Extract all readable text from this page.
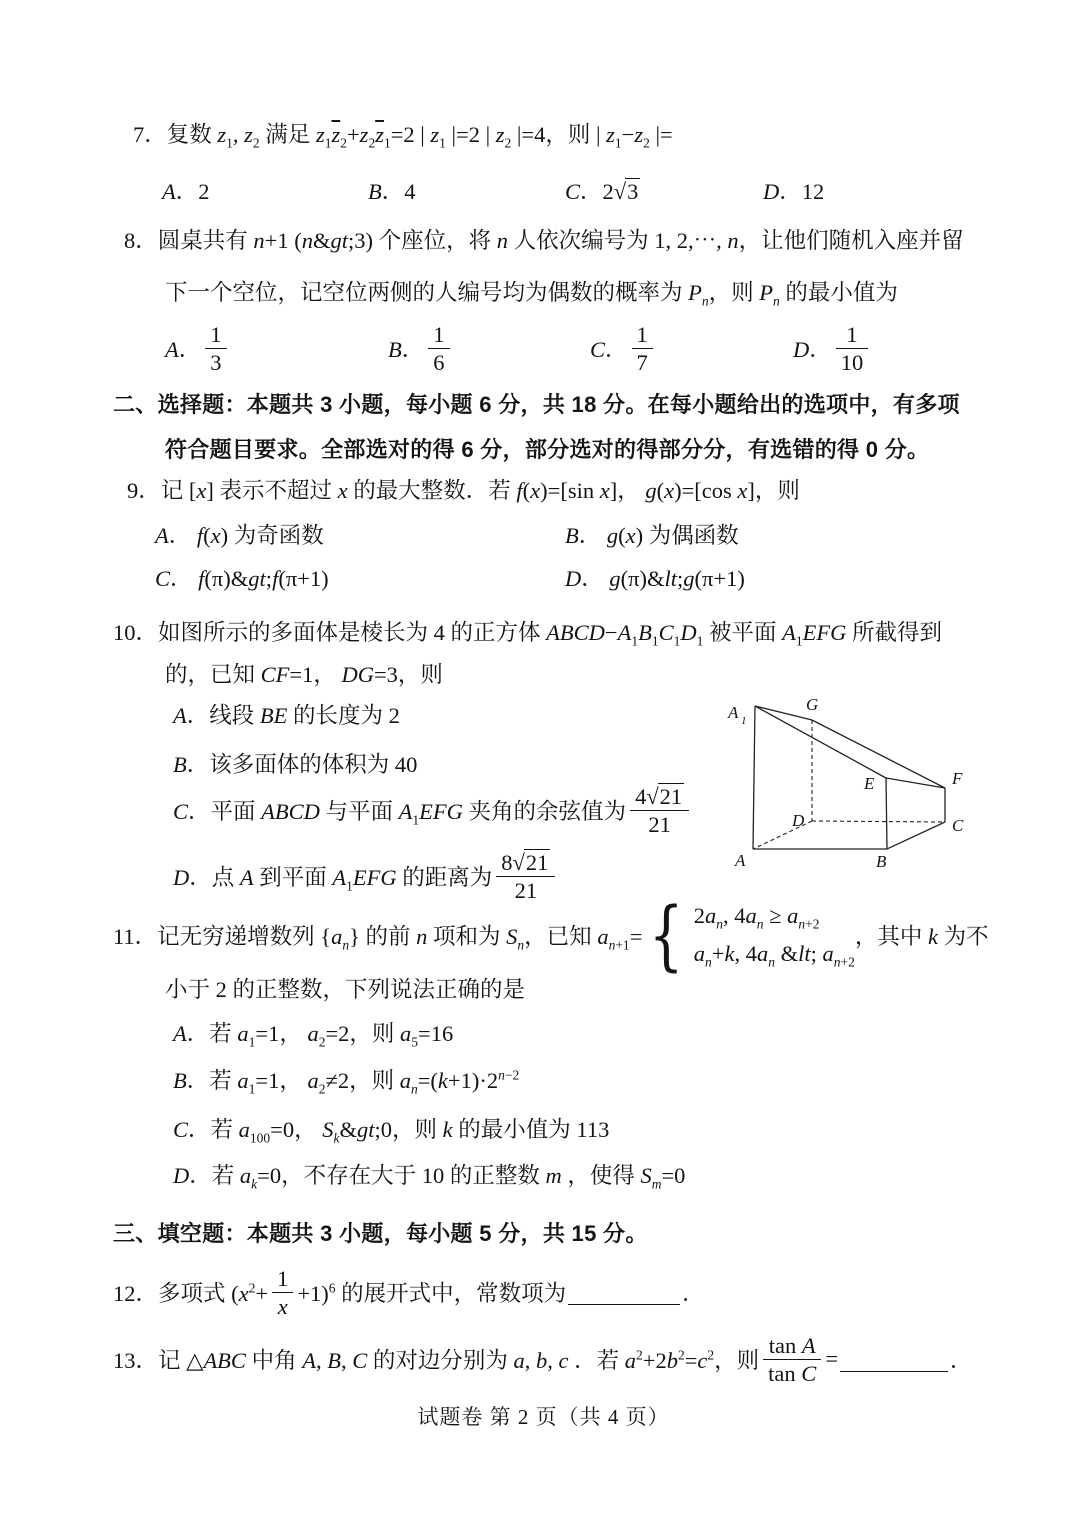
7．复数 $z_1$, $z_2$ 满足 $z_1\overline{z}_2+z_2\overline{z}_1=2$ | $z_1$ |=2 | $z_2$ |=4，则 | $z_1-z_2$ |=
A．2	B．4	C．2√3	D．12
8．圆桌共有 n+1 (n&gt;3) 个座位，将 n 人依次编号为 1, 2,⋯, n，让他们随机入座并留
下一个空位，记空位两侧的人编号均为偶数的概率为 $P_n$，则 $P_n$ 的最小值为
A． $\frac{1}{3}$	B． $\frac{1}{6}$	C． $\frac{1}{7}$	D． $\frac{1}{10}$
二、选择题：本题共 3 小题，每小题 6 分，共 18 分。在每小题给出的选项中，有多项
符合题目要求。全部选对的得 6 分，部分选对的得部分分，有选错的得 0 分。
9．记 [x] 表示不超过 x 的最大整数．若 f(x)=[sin x]， g(x)=[cos x]，则
A． f(x) 为奇函数	B． g(x) 为偶函数
C． f(π)&gt;f(π+1)	D． g(π)&lt;g(π+1)
10．如图所示的多面体是棱长为 4 的正方体 $ABCD-A_1B_1C_1D_1$ 被平面 $A_1EFG$ 所截得到
的，已知 CF=1， DG=3，则
A．线段 BE 的长度为 2
B．该多面体的体积为 40
C．平面 ABCD 与平面 $A_1EFG$ 夹角的余弦值为 $\frac{4√21}{21}$
D．点 A 到平面 $A_1EFG$ 的距离为 $\frac{8√21}{21}$
A 1
G
E	F
D	C
A	B
11．记无穷递增数列 $\{a_n\}$ 的前 n 项和为 $S_n$，已知 $a_{n+1}=$ { $2a_n$, $4a_n \ge a_{n+2}$
$a_n+k$, $4a_n$ &lt; $a_{n+2}$
，其中 k 为不
小于 2 的正整数，下列说法正确的是
A．若 $a_1=1$， $a_2=2$，则 $a_5=16$
B．若 $a_1=1$， $a_2\ne 2$，则 $a_n=(k+1)\cdot 2^{n-2}$
C．若 $a_{100}=0$， $S_k\&gt;0$，则 k 的最小值为 113
D．若 $a_k=0$，不存在大于 10 的正整数 m ，使得 $S_m=0$
三、填空题：本题共 3 小题，每小题 5 分，共 15 分。
12．多项式 $(x^2+ \frac{1}{x} +1)^6$ 的展开式中，常数项为	．
13．记 △ABC 中角 A, B, C 的对边分别为 a, b, c ．若 $a^2+2b^2=c^2$，则 $\frac{\text{tan A}}{\text{tan C}}$ =	．
试题卷 第 2 页（共 4 页）
